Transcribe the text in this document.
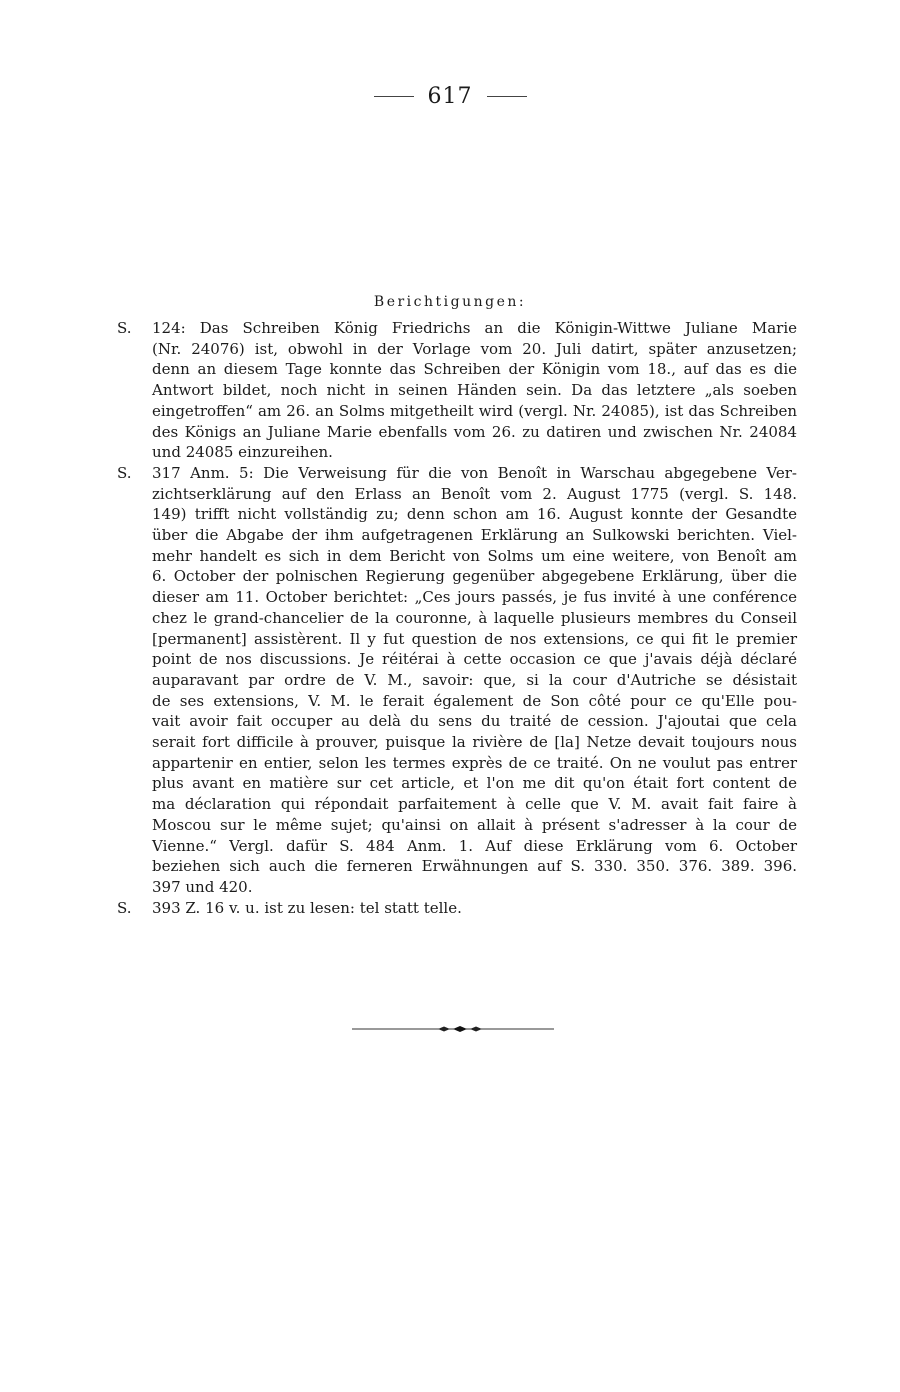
617
Berichtigungen:
S.	124: Das Schreiben König Friedrichs an die Königin-Wittwe Juliane Marie
(Nr. 24076) ist, obwohl in der Vorlage vom 20. Juli datirt, später anzusetzen;
denn an diesem Tage konnte das Schreiben der Königin vom 18., auf das es die
Antwort bildet, noch nicht in seinen Händen sein. Da das letztere „als soeben
eingetroffen“ am 26. an Solms mitgetheilt wird (vergl. Nr. 24085), ist das Schreiben
des Königs an Juliane Marie ebenfalls vom 26. zu datiren und zwischen Nr. 24084
und 24085 einzureihen.
S.	317 Anm. 5: Die Verweisung für die von Benoît in Warschau abgegebene Ver-
zichtserklärung auf den Erlass an Benoît vom 2. August 1775 (vergl. S. 148.
149) trifft nicht vollständig zu; denn schon am 16. August konnte der Gesandte
über die Abgabe der ihm aufgetragenen Erklärung an Sulkowski berichten. Viel-
mehr handelt es sich in dem Bericht von Solms um eine weitere, von Benoît am
6. October der polnischen Regierung gegenüber abgegebene Erklärung, über die
dieser am 11. October berichtet: „Ces jours passés, je fus invité à une conférence
chez le grand-chancelier de la couronne, à laquelle plusieurs membres du Conseil
[permanent] assistèrent. Il y fut question de nos extensions, ce qui fit le premier
point de nos discussions. Je réitérai à cette occasion ce que j'avais déjà déclaré
auparavant par ordre de V. M., savoir: que, si la cour d'Autriche se désistait
de ses extensions, V. M. le ferait également de Son côté pour ce qu'Elle pou-
vait avoir fait occuper au delà du sens du traité de cession. J'ajoutai que cela
serait fort difficile à prouver, puisque la rivière de [la] Netze devait toujours nous
appartenir en entier, selon les termes exprès de ce traité. On ne voulut pas entrer
plus avant en matière sur cet article, et l'on me dit qu'on était fort content de
ma déclaration qui répondait parfaitement à celle que V. M. avait fait faire à
Moscou sur le même sujet; qu'ainsi on allait à présent s'adresser à la cour de
Vienne.“ Vergl. dafür S. 484 Anm. 1. Auf diese Erklärung vom 6. October
beziehen sich auch die ferneren Erwähnungen auf S. 330. 350. 376. 389. 396.
397 und 420.
S.	393 Z. 16 v. u. ist zu lesen: tel statt telle.
